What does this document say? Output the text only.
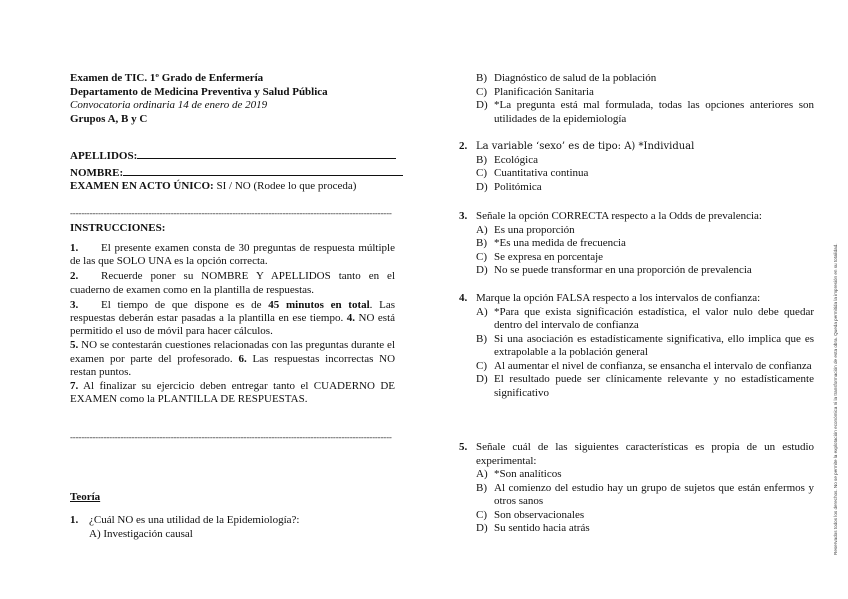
Examen de TIC. 1º Grado de Enfermería
Departamento de Medicina Preventiva y Salud Pública
Convocatoria ordinaria 14 de enero de 2019
Grupos A, B y C
APELLIDOS:
NOMBRE:
EXAMEN EN ACTO ÚNICO: SI / NO (Rodee lo que proceda)
-------------------------------------------------------------------------------------------------------------------
INSTRUCCIONES:
1. El presente examen consta de 30 preguntas de respuesta múltiple de las que SOLO UNA es la opción correcta.
2. Recuerde poner su NOMBRE Y APELLIDOS tanto en el cuaderno de examen como en la plantilla de respuestas.
3. El tiempo de que dispone es de 45 minutos en total. Las respuestas deberán estar pasadas a la plantilla en ese tiempo. 4. NO está permitido el uso de móvil para hacer cálculos.
5. NO se contestarán cuestiones relacionadas con las preguntas durante el examen por parte del profesorado. 6. Las respuestas incorrectas NO restan puntos.
7. Al finalizar su ejercicio deben entregar tanto el CUADERNO DE EXAMEN como la PLANTILLA DE RESPUESTAS.
-------------------------------------------------------------------------------------------------------------------
Teoría
1. ¿Cuál NO es una utilidad de la Epidemiología?:
A) Investigación causal
B) Diagnóstico de salud de la población
C) Planificación Sanitaria
D) *La pregunta está mal formulada, todas las opciones anteriores son utilidades de la epidemiología
2. La variable ‘sexo’ es de tipo: A) *Individual
B) Ecológica
C) Cuantitativa continua
D) Politómica
3. Señale la opción CORRECTA respecto a la Odds de prevalencia:
A) Es una proporción
B) *Es una medida de frecuencia
C) Se expresa en porcentaje
D) No se puede transformar en una proporción de prevalencia
4. Marque la opción FALSA respecto a los intervalos de confianza:
A) *Para que exista significación estadística, el valor nulo debe quedar dentro del intervalo de confianza
B) Si una asociación es estadísticamente significativa, ello implica que es extrapolable a la población general
C) Al aumentar el nivel de confianza, se ensancha el intervalo de confianza
D) El resultado puede ser clínicamente relevante y no estadísticamente significativo
5. Señale cuál de las siguientes características es propia de un estudio experimental:
A) *Son analíticos
B) Al comienzo del estudio hay un grupo de sujetos que están enfermos y otros sanos
C) Son observacionales
D) Su sentido hacia atrás	Reservados todos los derechos. No se permite la explotación económica ni la transformación de esta obra. Queda permitida la impresión en su totalidad.
